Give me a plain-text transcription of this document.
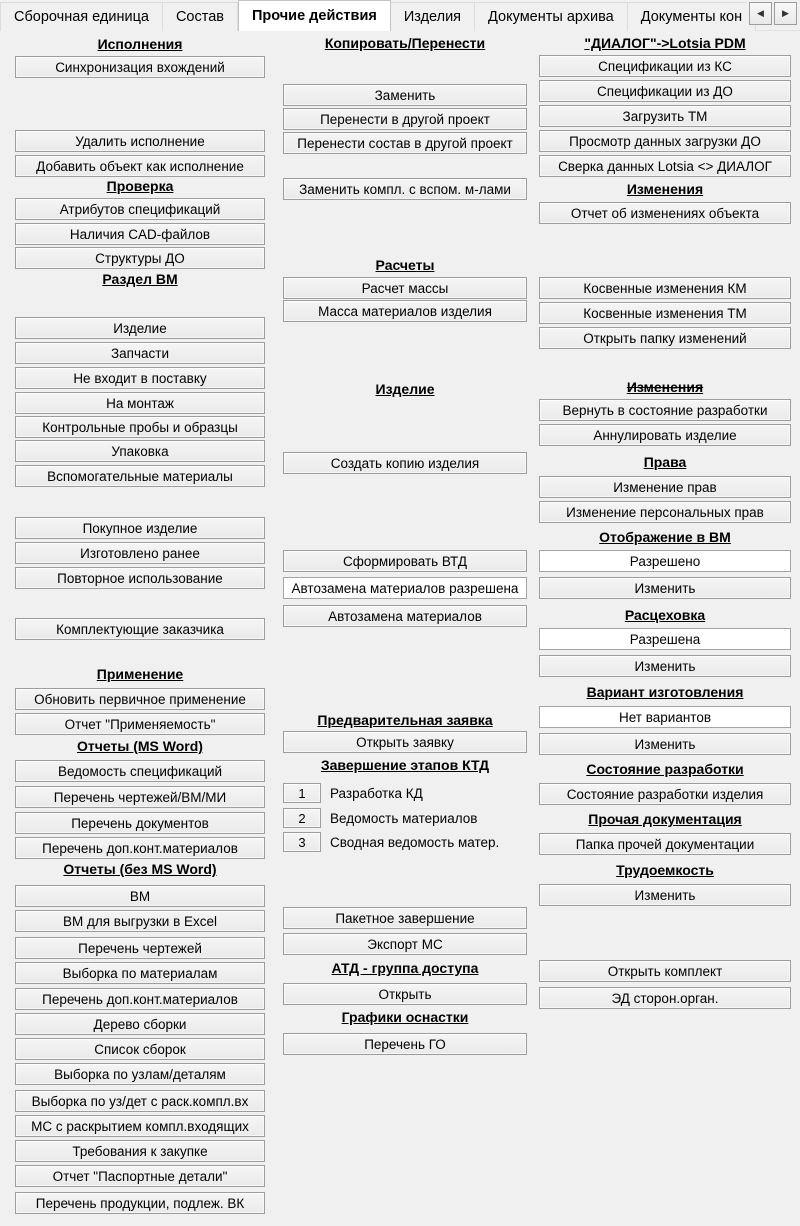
Сборочная единица	Состав	Прочие действия	Изделия	Документы архива	Документы кон	◀ ▶
Исполнения
Синхронизация вхождений
Удалить исполнение
Добавить объект как исполнение
Проверка
Атрибутов спецификаций
Наличия CAD-файлов
Структуры ДО
Раздел ВМ
Изделие
Запчасти
Не входит в поставку
На монтаж
Контрольные пробы и образцы
Упаковка
Вспомогательные материалы
Покупное изделие
Изготовлено ранее
Повторное использование
Комплектующие заказчика
Применение
Обновить первичное применение
Отчет "Применяемость"
Отчеты (MS Word)
Ведомость спецификаций
Перечень чертежей/ВМ/МИ
Перечень документов
Перечень доп.конт.материалов
Отчеты (без MS Word)
ВМ
ВМ для выгрузки в Excel
Перечень чертежей
Выборка по материалам
Перечень доп.конт.материалов
Дерево сборки
Список сборок
Выборка по узлам/деталям
Выборка по уз/дет с раск.компл.вх
МС с раскрытием компл.входящих
Требования к закупке
Отчет "Паспортные детали"
Перечень продукции, подлеж. ВК
Копировать/Перенести
Заменить
Перенести в другой проект
Перенести состав в другой проект
Заменить компл. с вспом. м-лами
Расчеты
Расчет массы
Масса материалов изделия
Изделие
Создать копию изделия
Сформировать ВТД
Автозамена материалов разрешена
Автозамена материалов
Предварительная заявка
Открыть заявку
Завершение этапов КТД
1	Разработка КД
2	Ведомость материалов
3	Сводная ведомость матер.
Пакетное завершение
Экспорт МС
АТД - группа доступа
Открыть
Графики оснастки
Перечень ГО
"ДИАЛОГ"->Lotsia PDM
Спецификации из КС
Спецификации из ДО
Загрузить ТМ
Просмотр данных загрузки ДО
Сверка данных Lotsia <> ДИАЛОГ
Изменения
Отчет об изменениях объекта
Косвенные изменения КМ
Косвенные изменения ТМ
Открыть папку изменений
Изменения
Вернуть в состояние разработки
Аннулировать изделие
Права
Изменение прав
Изменение персональных прав
Отображение в ВМ
Разрешено
Изменить
Расцеховка
Разрешена
Изменить
Вариант изготовления
Нет вариантов
Изменить
Состояние разработки
Состояние разработки изделия
Прочая документация
Папка прочей документации
Трудоемкость
Изменить
Открыть комплект
ЭД сторон.орган.
